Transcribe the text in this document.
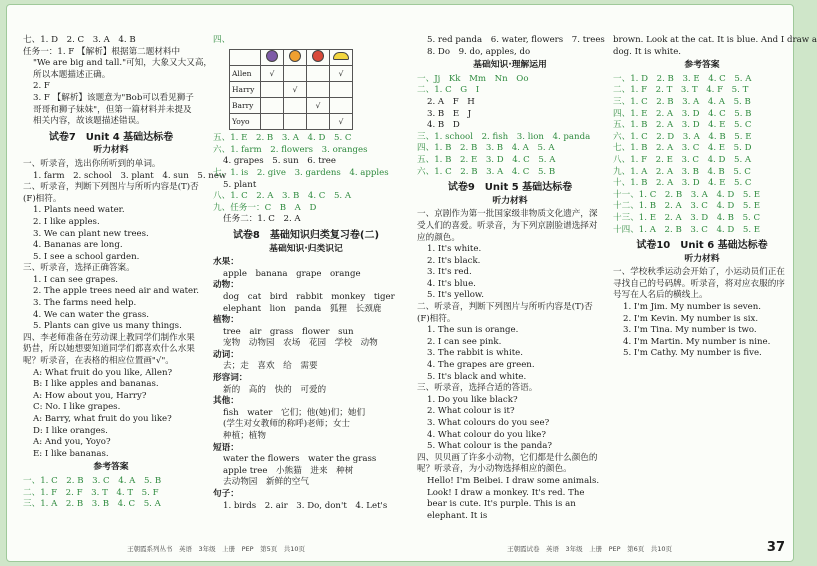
七、1. D　2. C　3. A　4. B
任务一：1. F 【解析】根据第二题材料中
"We are big and tall."可知，大象又大又高，
所以本题描述正确。
2. F
3. F 【解析】该题意为"Bob可以看见狮子
哥哥和狮子妹妹"，但第一篇材料并未提及
相关内容，故该题描述错误。
试卷7　Unit 4 基础达标卷
听力材料
一、听录音，选出你所听到的单词。
1. farm　2. school　3. plant　4. sun　5. new
二、听录音，判断下列图片与所听内容是(T)否(F)相符。
1. Plants need water.
2. I like apples.
3. We can plant new trees.
4. Bananas are long.
5. I see a school garden.
三、听录音，选择正确答案。
1. I can see grapes.
2. The apple trees need air and water.
3. The farms need help.
4. We can water the grass.
5. Plants can give us many things.
四、李老师准备在劳动课上教同学们制作水果奶昔，所以她想要知道同学们都喜欢什么水果呢？听录音，在表格的相应位置画"√"。
A: What fruit do you like, Allen?
B: I like apples and bananas.
A: How about you, Harry?
C: No. I like grapes.
A: Barry, what fruit do you like?
D: I like oranges.
A: And you, Yoyo?
E: I like bananas.
参考答案
一、1. C　2. B　3. C　4. A　5. B
二、1. F　2. F　3. T　4. T　5. F
三、1. A　2. B　3. B　4. C　5. A
四、

Allen	√			√
Harry		√		
Barry			√	
Yoyo				√
五、1. E　2. B　3. A　4. D　5. C
六、1. farm　2. flowers　3. oranges
4. grapes　5. sun　6. tree
七、1. is　2. give　3. gardens　4. apples
5. plant
八、1. C　2. A　3. B　4. C　5. A
九、任务一：C　B　A　D
任务二：1. C　2. A
试卷8　基础知识归类复习卷(二)
基础知识·归类识记
水果：
apple　banana　grape　orange
动物：
dog　cat　bird　rabbit　monkey　tiger
elephant　lion　panda　狐狸　长颈鹿
植物：
tree　air　grass　flower　sun
宠物　动物园　农场　花园　学校　动物
动词：
去；走　喜欢　给　需要
形容词：
新的　高的　快的　可爱的
其他：
fish　water　它们；他(她)们；她们
(学生对女教师的称呼)老师；女士
种植；植物
短语：
water the flowers　water the grass
apple tree　小熊猫　进来　种树
去动物园　新鲜的空气
句子：
1. birds　2. air　3. Do, don't　4. Let's
5. red panda　6. water, flowers　7. trees
8. Do　9. do, apples, do
基础知识·理解运用
一、Jj　Kk　Mm　Nn　Oo
二、1. C　G　I
2. A　F　H
3. B　E　J
4. B　D
三、1. school　2. fish　3. lion　4. panda
四、1. B　2. B　3. B　4. A　5. A
五、1. B　2. E　3. D　4. C　5. A
六、1. C　2. B　3. A　4. C　5. B
试卷9　Unit 5 基础达标卷
听力材料
一、京剧作为第一批国家级非物质文化遗产，深受人们的喜爱。听录音，为下列京剧脸谱选择对应的颜色。
1. It's white.
2. It's black.
3. It's red.
4. It's blue.
5. It's yellow.
二、听录音，判断下列图片与所听内容是(T)否(F)相符。
1. The sun is orange.
2. I can see pink.
3. The rabbit is white.
4. The grapes are green.
5. It's black and white.
三、听录音，选择合适的答语。
1. Do you like black?
2. What colour is it?
3. What colours do you see?
4. What colour do you like?
5. What colour is the panda?
四、贝贝画了许多小动物，它们都是什么颜色的呢？听录音，为小动物选择相应的颜色。
Hello! I'm Beibei. I draw some animals. Look! I draw a monkey. It's red. The bear is cute. It's purple. This is an elephant. It is
brown. Look at the cat. It is blue. And I draw a
dog. It is white.
参考答案
一、1. D　2. B　3. E　4. C　5. A
二、1. F　2. T　3. T　4. F　5. T
三、1. C　2. B　3. A　4. A　5. B
四、1. E　2. A　3. D　4. C　5. B
五、1. B　2. A　3. D　4. E　5. C
六、1. C　2. D　3. A　4. B　5. E
七、1. B　2. A　3. C　4. E　5. D
八、1. F　2. E　3. C　4. D　5. A
九、1. A　2. A　3. B　4. B　5. C
十、1. B　2. A　3. D　4. E　5. C
十一、1. C　2. B　3. A　4. D　5. E
十二、1. B　2. A　3. C　4. D　5. E
十三、1. E　2. A　3. D　4. B　5. C
十四、1. A　2. B　3. C　4. D　5. E
试卷10　Unit 6 基础达标卷
听力材料
一、学校秋季运动会开始了，小运动员们正在寻找自己的号码牌。听录音，将对应衣服的序号写在人名后的横线上。
1. I'm Jim. My number is seven.
2. I'm Kevin. My number is six.
3. I'm Tina. My number is two.
4. I'm Martin. My number is nine.
5. I'm Cathy. My number is five.
王朝霞系列丛书　英语　3年级　上册　PEP　第5页　共10页	王朝霞试卷　英语　3年级　上册　PEP　第6页　共10页	37
